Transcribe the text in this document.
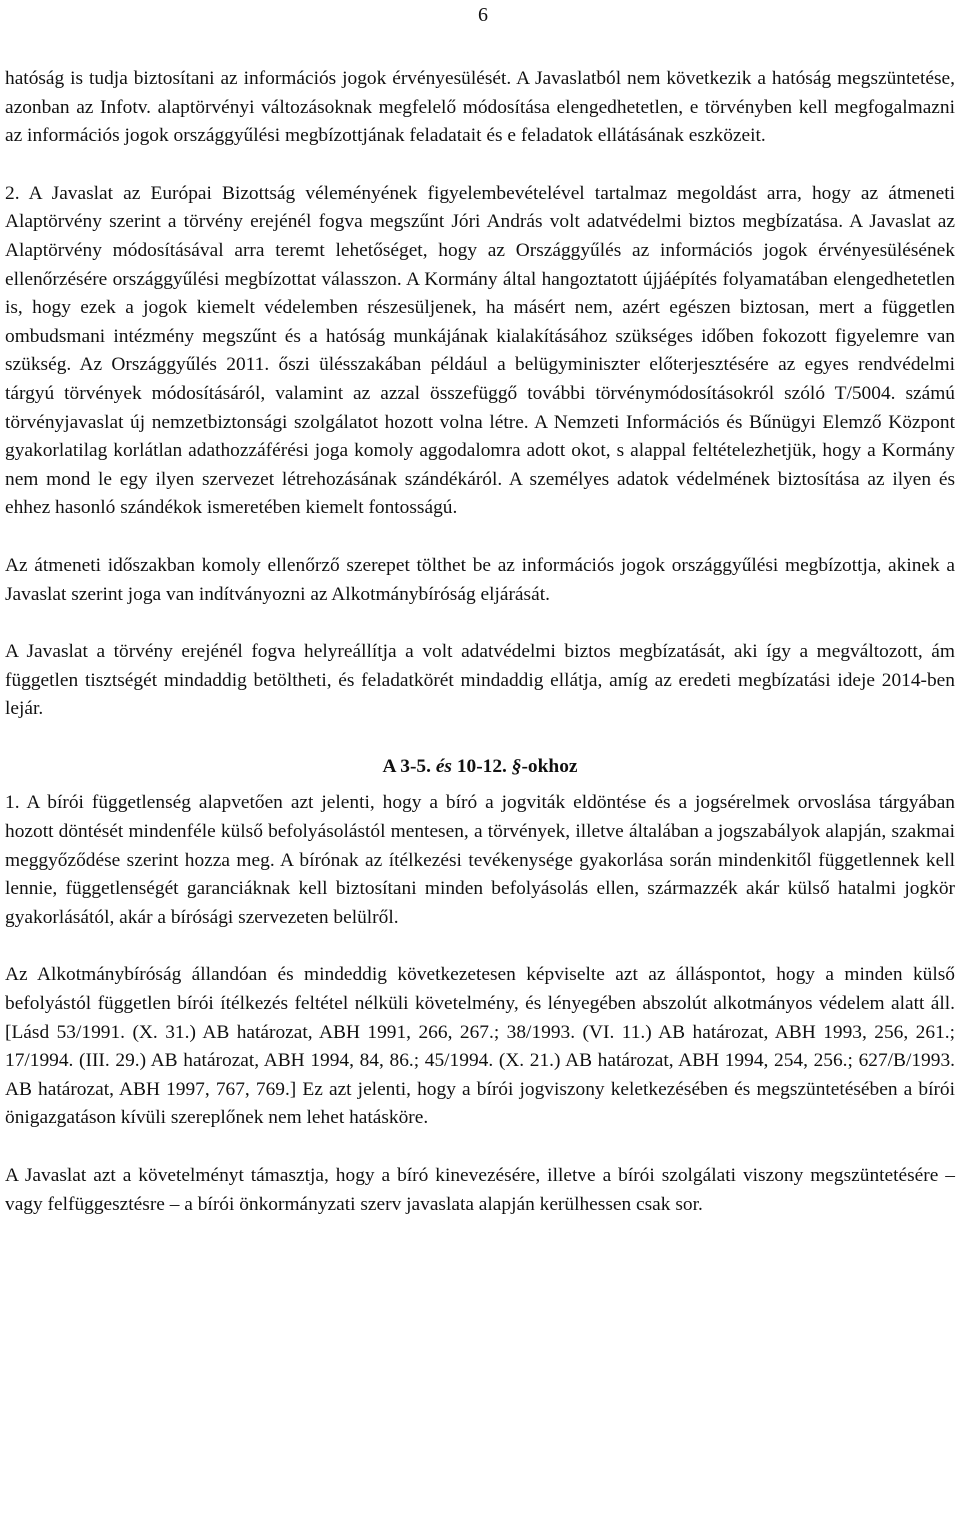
6

hatóság is tudja biztosítani az információs jogok érvényesülését. A Javaslatból nem következik a hatóság megszüntetése, azonban az Infotv. alaptörvényi változásoknak megfelelő módosítása elengedhetetlen, e törvényben kell megfogalmazni az információs jogok országgyűlési megbízottjának feladatait és e feladatok ellátásának eszközeit.

2. A Javaslat az Európai Bizottság véleményének figyelembevételével tartalmaz megoldást arra, hogy az átmeneti Alaptörvény szerint a törvény erejénél fogva megszűnt Jóri András volt adatvédelmi biztos megbízatása. A Javaslat az Alaptörvény módosításával arra teremt lehetőséget, hogy az Országgyűlés az információs jogok érvényesülésének ellenőrzésére országgyűlési megbízottat válasszon. A Kormány által hangoztatott újjáépítés folyamatában elengedhetetlen is, hogy ezek a jogok kiemelt védelemben részesüljenek, ha másért nem, azért egészen biztosan, mert a független ombudsmani intézmény megszűnt és a hatóság munkájának kialakításához szükséges időben fokozott figyelemre van szükség. Az Országgyűlés 2011. őszi ülésszakában például a belügyminiszter előterjesztésére az egyes rendvédelmi tárgyú törvények módosításáról, valamint az azzal összefüggő további törvénymódosításokról szóló T/5004. számú törvényjavaslat új nemzetbiztonsági szolgálatot hozott volna létre. A Nemzeti Információs és Bűnügyi Elemző Központ gyakorlatilag korlátlan adathozzáférési joga komoly aggodalomra adott okot, s alappal feltételezhetjük, hogy a Kormány nem mond le egy ilyen szervezet létrehozásának szándékáról. A személyes adatok védelmének biztosítása az ilyen és ehhez hasonló szándékok ismeretében kiemelt fontosságú.

Az átmeneti időszakban komoly ellenőrző szerepet tölthet be az információs jogok országgyűlési megbízottja, akinek a Javaslat szerint joga van indítványozni az Alkotmánybíróság eljárását.

A Javaslat a törvény erejénél fogva helyreállítja a volt adatvédelmi biztos megbízatását, aki így a megváltozott, ám független tisztségét mindaddig betöltheti, és feladatkörét mindaddig ellátja, amíg az eredeti megbízatási ideje 2014-ben lejár.

A 3-5. és 10-12. §-okhoz

1. A bírói függetlenség alapvetően azt jelenti, hogy a bíró a jogviták eldöntése és a jogsérelmek orvoslása tárgyában hozott döntését mindenféle külső befolyásolástól mentesen, a törvények, illetve általában a jogszabályok alapján, szakmai meggyőződése szerint hozza meg. A bírónak az ítélkezési tevékenysége gyakorlása során mindenkitől függetlennek kell lennie, függetlenségét garanciáknak kell biztosítani minden befolyásolás ellen, származzék akár külső hatalmi jogkör gyakorlásától, akár a bírósági szervezeten belülről.

Az Alkotmánybíróság állandóan és mindeddig következetesen képviselte azt az álláspontot, hogy a minden külső befolyástól független bírói ítélkezés feltétel nélküli követelmény, és lényegében abszolút alkotmányos védelem alatt áll. [Lásd 53/1991. (X. 31.) AB határozat, ABH 1991, 266, 267.; 38/1993. (VI. 11.) AB határozat, ABH 1993, 256, 261.; 17/1994. (III. 29.) AB határozat, ABH 1994, 84, 86.; 45/1994. (X. 21.) AB határozat, ABH 1994, 254, 256.; 627/B/1993. AB határozat, ABH 1997, 767, 769.] Ez azt jelenti, hogy a bírói jogviszony keletkezésében és megszüntetésében a bírói önigazgatáson kívüli szereplőnek nem lehet hatásköre.

A Javaslat azt a követelményt támasztja, hogy a bíró kinevezésére, illetve a bírói szolgálati viszony megszüntetésére – vagy felfüggesztésre – a bírói önkormányzati szerv javaslata alapján kerülhessen csak sor.
